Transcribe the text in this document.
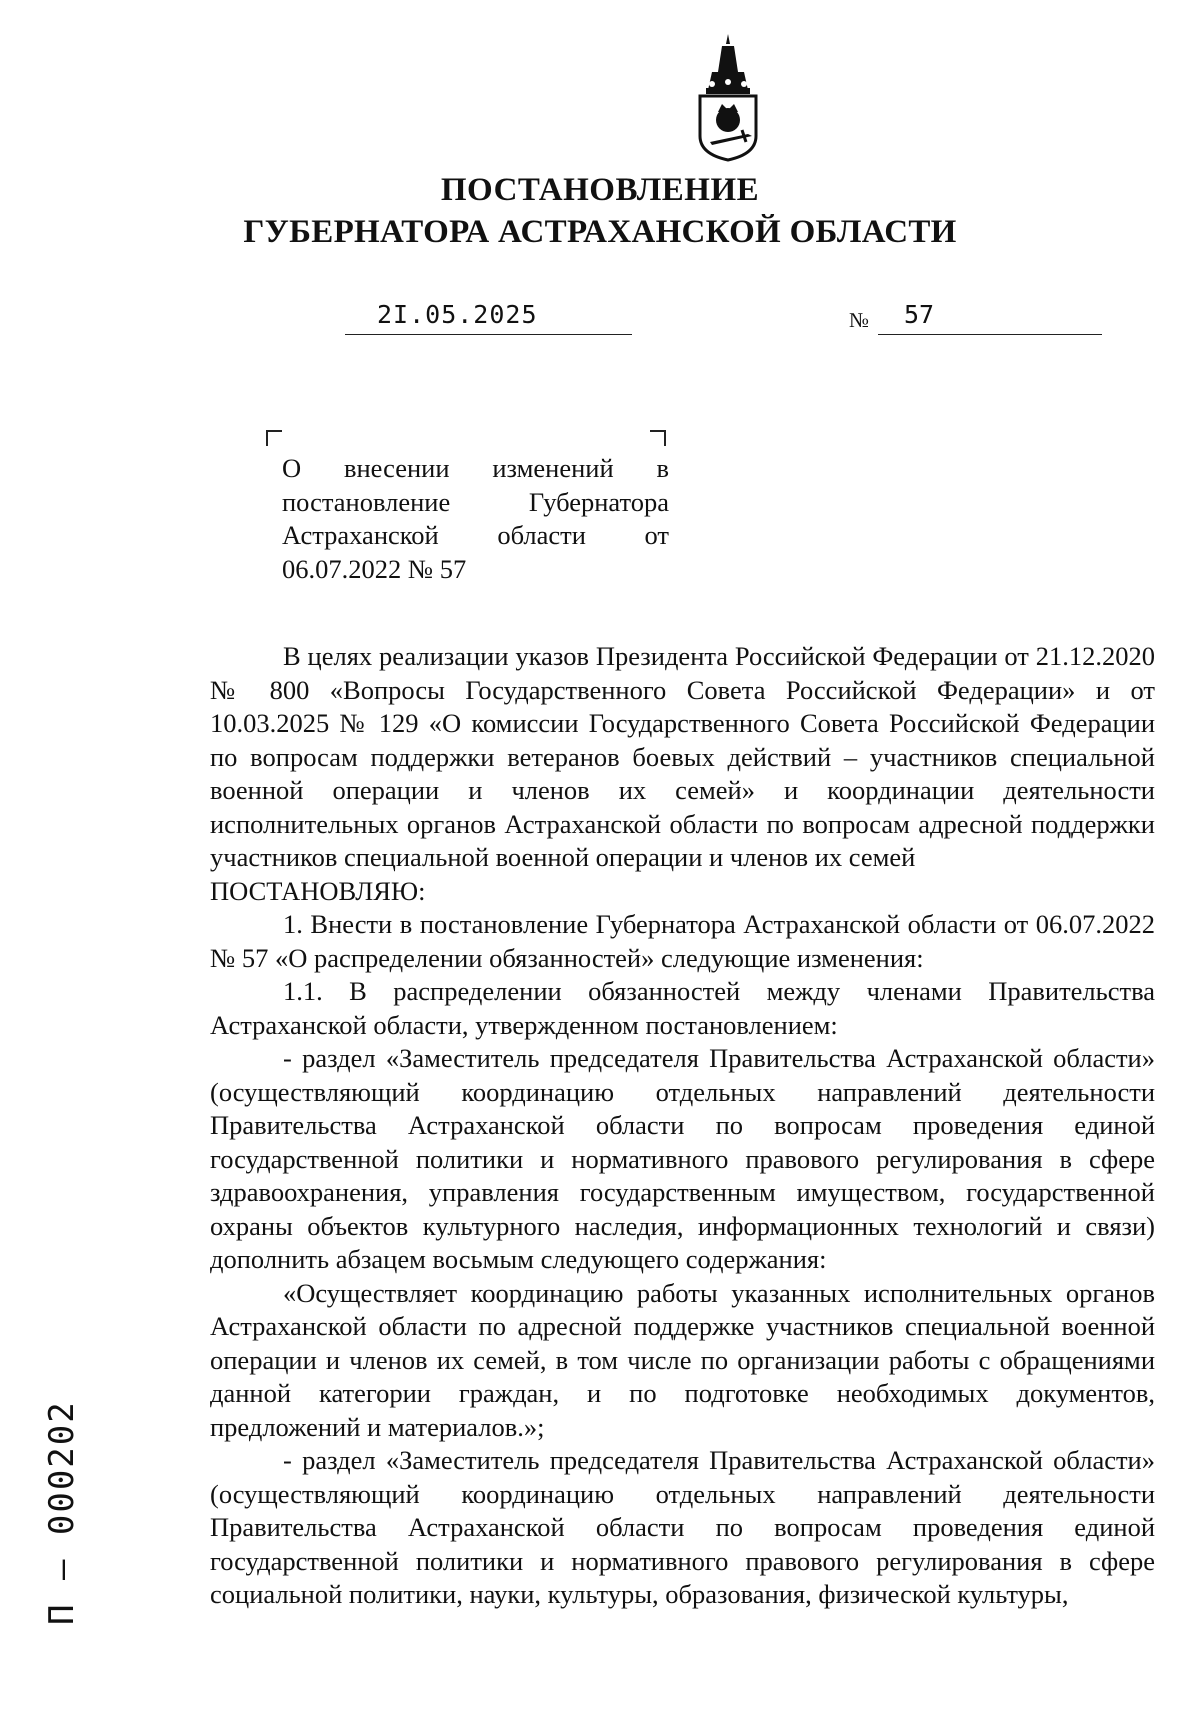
ПОСТАНОВЛЕНИЕ
ГУБЕРНАТОРА АСТРАХАНСКОЙ ОБЛАСТИ
2I.05.2025	№ 57
О внесении изменений в постановление Губернатора Астраханской области от 06.07.2022 № 57

В целях реализации указов Президента Российской Федерации от 21.12.2020 № 800 «Вопросы Государственного Совета Российской Федерации» и от 10.03.2025 № 129 «О комиссии Государственного Совета Российской Федерации по вопросам поддержки ветеранов боевых действий – участников специальной военной операции и членов их семей» и координации деятельности исполнительных органов Астраханской области по вопросам адресной поддержки участников специальной военной операции и членов их семей

ПОСТАНОВЛЯЮ:

1. Внести в постановление Губернатора Астраханской области от 06.07.2022 № 57 «О распределении обязанностей» следующие изменения:

1.1. В распределении обязанностей между членами Правительства Астраханской области, утвержденном постановлением:

- раздел «Заместитель председателя Правительства Астраханской области» (осуществляющий координацию отдельных направлений деятельности Правительства Астраханской области по вопросам проведения единой государственной политики и нормативного правового регулирования в сфере здравоохранения, управления государственным имуществом, государственной охраны объектов культурного наследия, информационных технологий и связи) дополнить абзацем восьмым следующего содержания:

«Осуществляет координацию работы указанных исполнительных органов Астраханской области по адресной поддержке участников специальной военной операции и членов их семей, в том числе по организации работы с обращениями данной категории граждан, и по подготовке необходимых документов, предложений и материалов.»;

- раздел «Заместитель председателя Правительства Астраханской области» (осуществляющий координацию отдельных направлений деятельности Правительства Астраханской области по вопросам проведения единой государственной политики и нормативного правового регулирования в сфере социальной политики, науки, культуры, образования, физической культуры,

П – 000202
